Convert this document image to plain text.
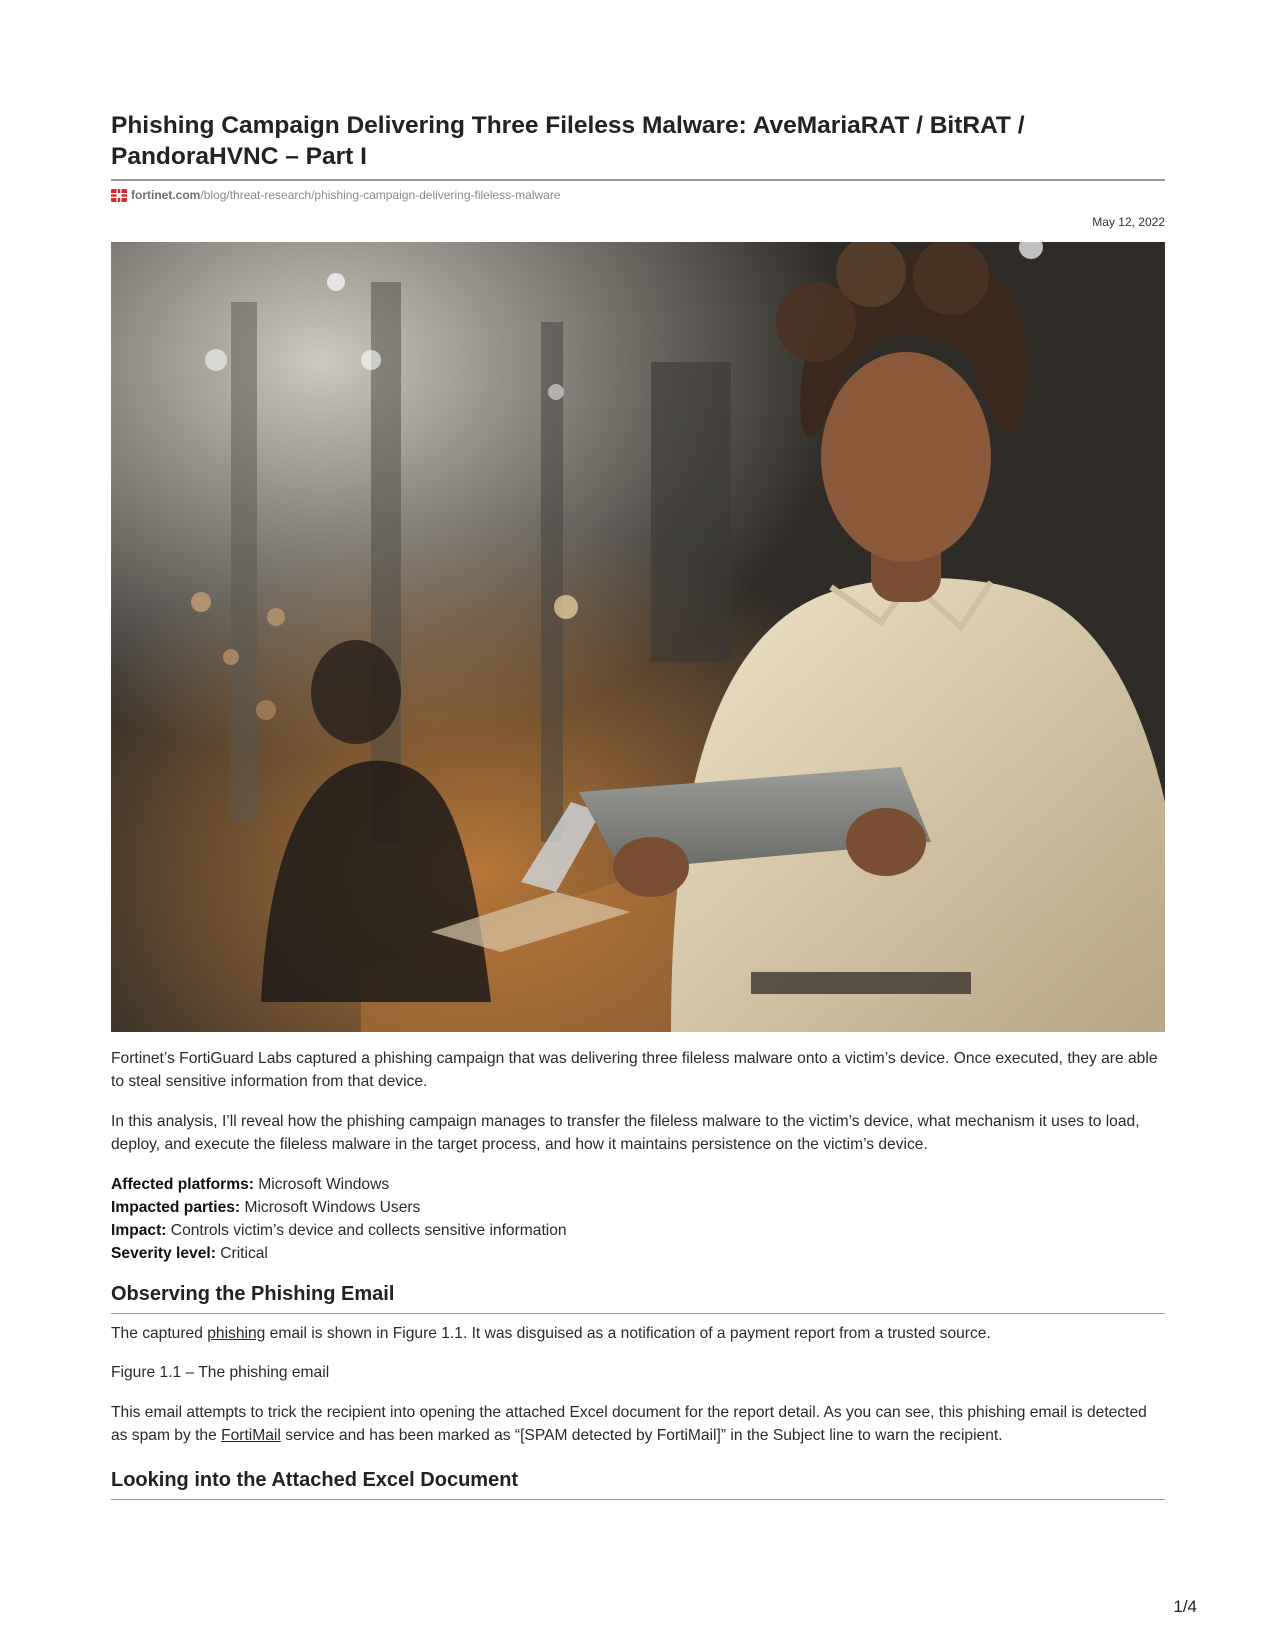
Phishing Campaign Delivering Three Fileless Malware: AveMariaRAT / BitRAT / PandoraHVNC – Part I
fortinet.com /blog/threat-research/phishing-campaign-delivering-fileless-malware
May 12, 2022

Fortinet’s FortiGuard Labs captured a phishing campaign that was delivering three fileless malware onto a victim’s device. Once executed, they are able to steal sensitive information from that device.

In this analysis, I’ll reveal how the phishing campaign manages to transfer the fileless malware to the victim’s device, what mechanism it uses to load, deploy, and execute the fileless malware in the target process, and how it maintains persistence on the victim’s device.

Affected platforms: Microsoft Windows
Impacted parties: Microsoft Windows Users
Impact: Controls victim’s device and collects sensitive information
Severity level: Critical
Observing the Phishing Email

The captured phishing email is shown in Figure 1.1. It was disguised as a notification of a payment report from a trusted source.

Figure 1.1 – The phishing email

This email attempts to trick the recipient into opening the attached Excel document for the report detail. As you can see, this phishing email is detected as spam by the FortiMail service and has been marked as “[SPAM detected by FortiMail]” in the Subject line to warn the recipient.

Looking into the Attached Excel Document
1/4
